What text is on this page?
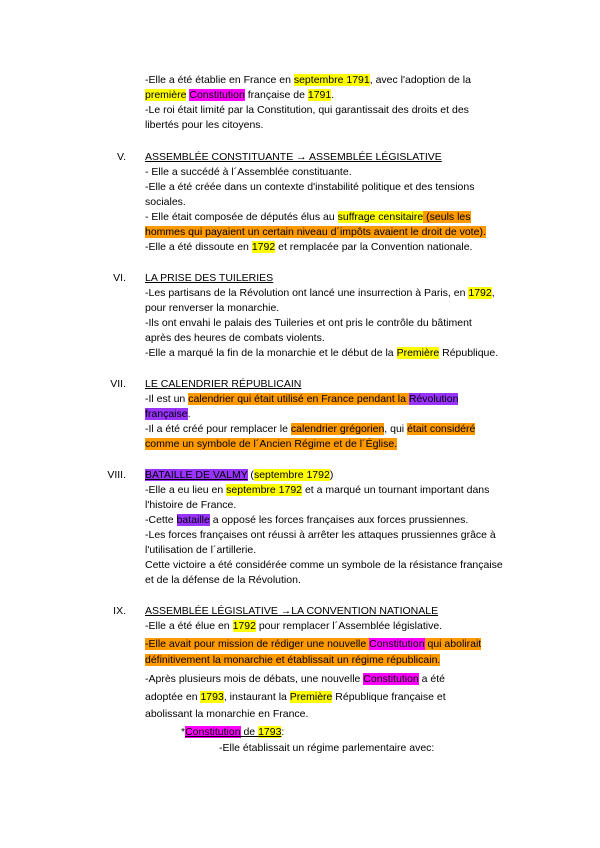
-Elle a été établie en France en septembre 1791, avec l'adoption de la
première Constitution française de 1791.
-Le roi était limité par la Constitution, qui garantissait des droits et des
libertés pour les citoyens.
V. ASSEMBLÉE CONSTITUANTE → ASSEMBLÉE LÉGISLATIVE
- Elle a succédé à l´Assemblée constituante.
-Elle a été créée dans un contexte d'instabilité politique et des tensions
sociales.
- Elle était composée de députés élus au suffrage censitaire (seuls les
hommes qui payaient un certain niveau d´impôts avaient le droit de vote).
-Elle a été dissoute en 1792 et remplacée par la Convention nationale.
VI. LA PRISE DES TUILERIES
-Les partisans de la Révolution ont lancé une insurrection à Paris, en 1792,
pour renverser la monarchie.
-Ils ont envahi le palais des Tuileries et ont pris le contrôle du bâtiment
après des heures de combats violents.
-Elle a marqué la fin de la monarchie et le début de la Première République.
VII. LE CALENDRIER RÉPUBLICAIN
-Il est un calendrier qui était utilisé en France pendant la Révolution
française.
-Il a été créé pour remplacer le calendrier grégorien, qui était considéré
comme un symbole de l´Ancien Régime et de l´Église.
VIII. BATAILLE DE VALMY (septembre 1792)
-Elle a eu lieu en septembre 1792 et a marqué un tournant important dans
l'histoire de France.
-Cette bataille a opposé les forces françaises aux forces prussiennes.
-Les forces françaises ont réussi à arrêter les attaques prussiennes grâce à
l'utilisation de l´artillerie.
Cette victoire a été considérée comme un symbole de la résistance française
et de la défense de la Révolution.
IX. ASSEMBLÉE LÉGISLATIVE →LA CONVENTION NATIONALE
-Elle a été élue en 1792 pour remplacer l´Assemblée législative.
-Elle avait pour mission de rédiger une nouvelle Constitution qui abolirait
définitivement la monarchie et établissait un régime républicain.
-Après plusieurs mois de débats, une nouvelle Constitution a été
adoptée en 1793, instaurant la Première République française et
abolissant la monarchie en France.
*Constitution de 1793:
-Elle établissait un régime parlementaire avec:
